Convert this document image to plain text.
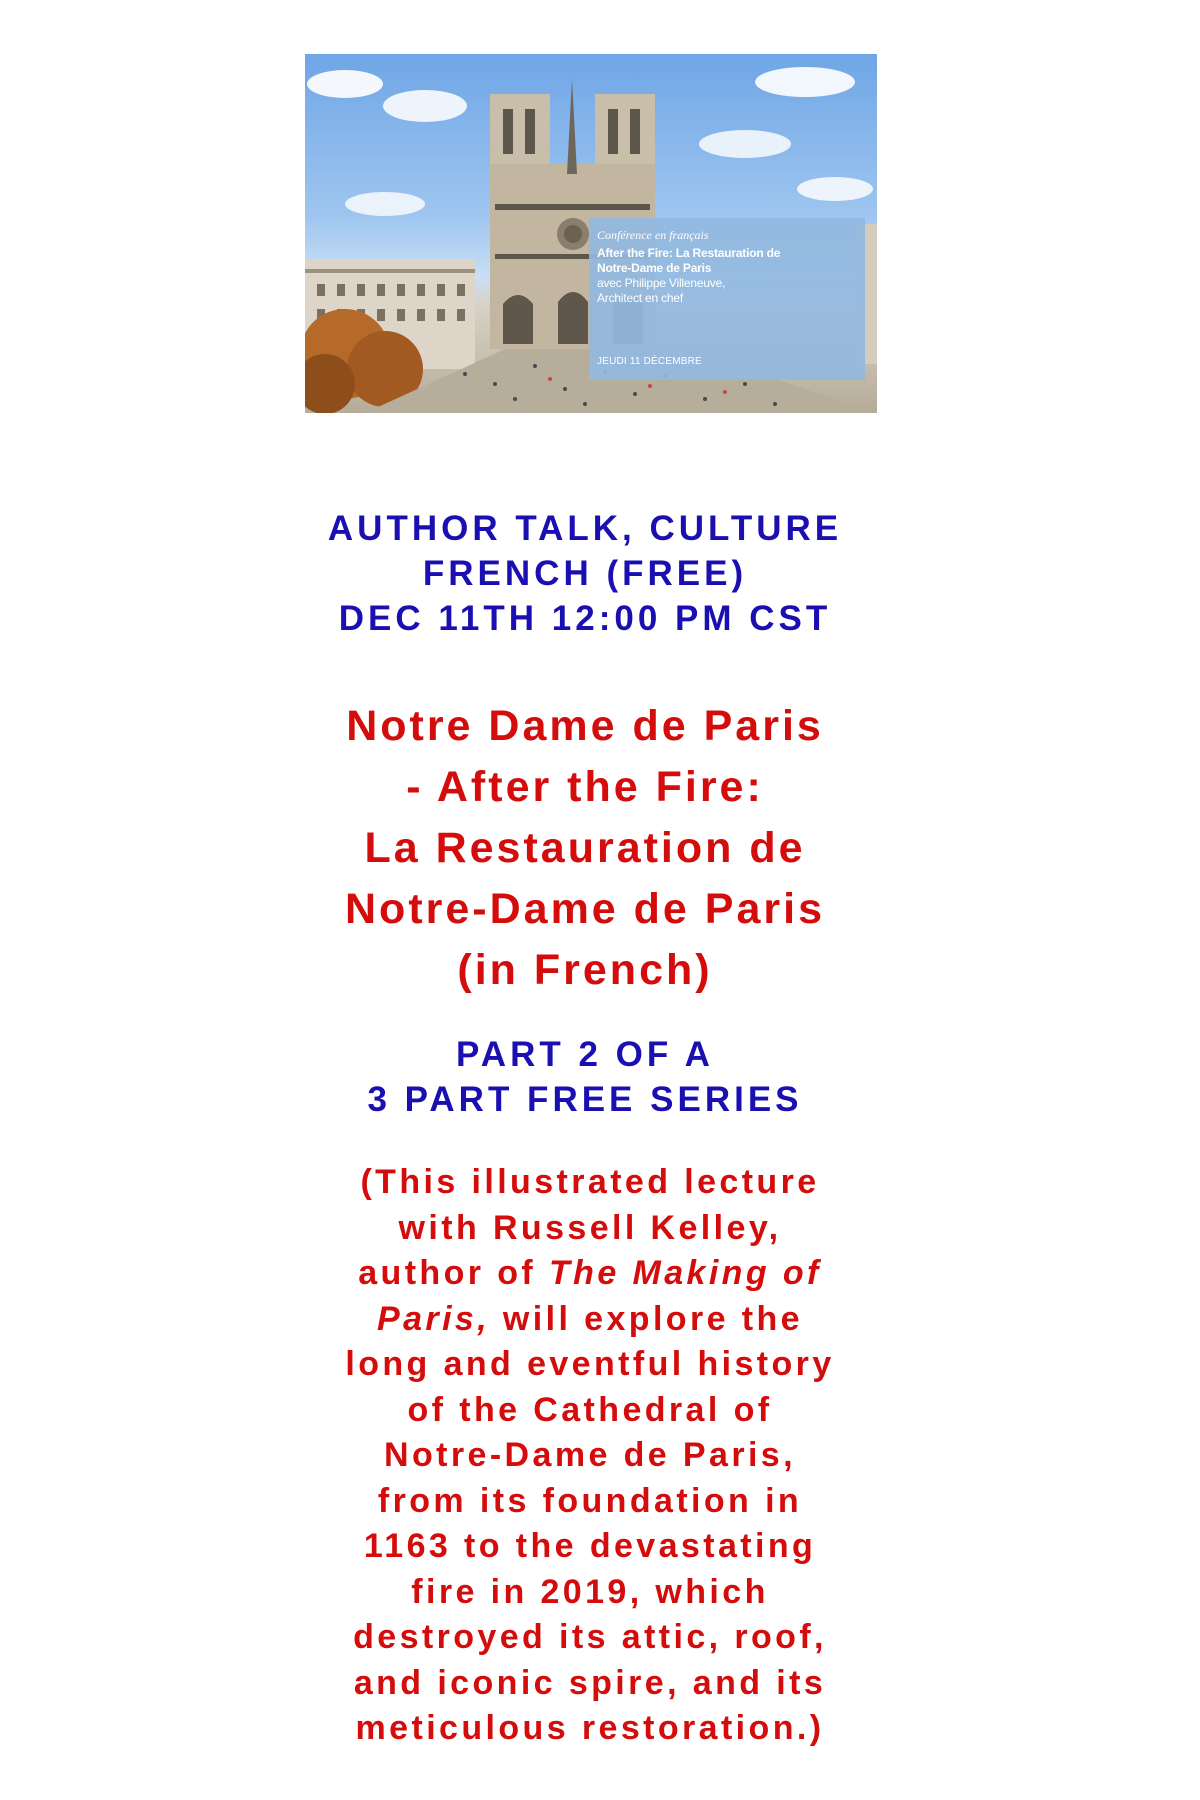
Conférence en français
After the Fire: La Restauration de
Notre-Dame de Paris
avec Philippe Villeneuve,
Architect en chef
JEUDI 11 DÉCEMBRE
AUTHOR TALK, CULTURE
FRENCH (FREE)
DEC 11TH 12:00 PM CST
Notre Dame de Paris
- After the Fire:
La Restauration de
Notre-Dame de Paris
(in French)
PART 2 OF A
3 PART FREE SERIES
(This illustrated lecture
with Russell Kelley,
author of The Making of
Paris, will explore the
long and eventful history
of the Cathedral of
Notre-Dame de Paris,
from its foundation in
1163 to the devastating
fire in 2019, which
destroyed its attic, roof,
and iconic spire, and its
meticulous restoration.)
